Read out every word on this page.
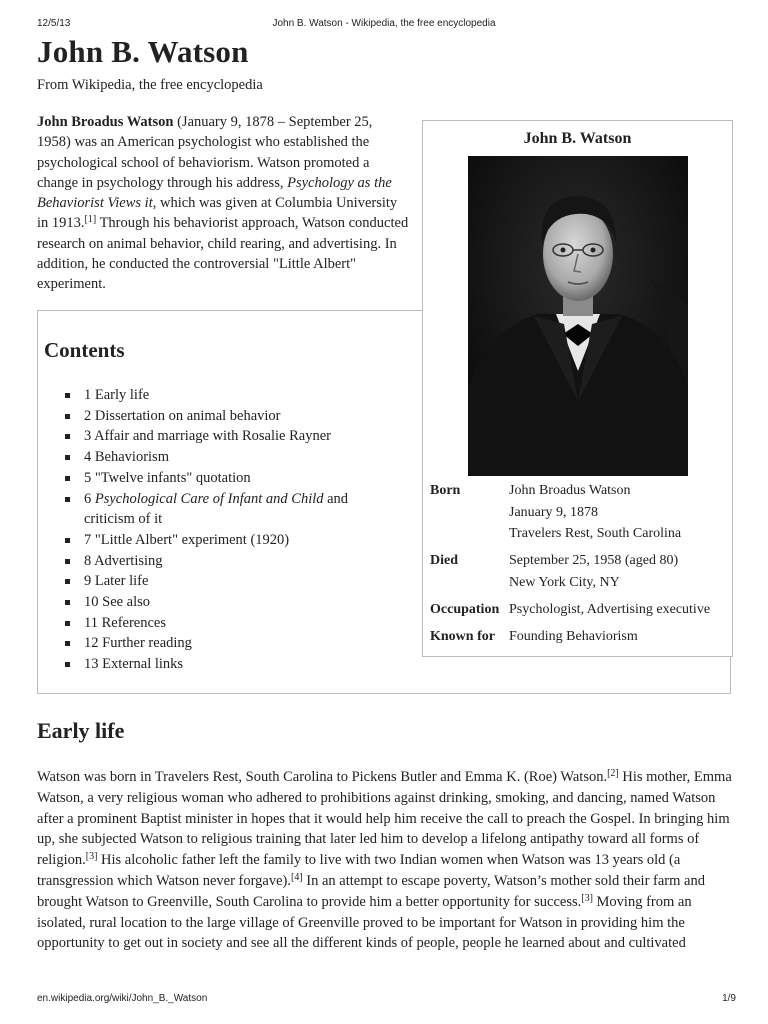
12/5/13	John B. Watson - Wikipedia, the free encyclopedia
John B. Watson
From Wikipedia, the free encyclopedia

John Broadus Watson (January 9, 1878 – September 25, 1958) was an American psychologist who established the psychological school of behaviorism. Watson promoted a change in psychology through his address, Psychology as the Behaviorist Views it, which was given at Columbia University in 1913.[1] Through his behaviorist approach, Watson conducted research on animal behavior, child rearing, and advertising. In addition, he conducted the controversial "Little Albert" experiment.

Contents
1 Early life
2 Dissertation on animal behavior
3 Affair and marriage with Rosalie Rayner
4 Behaviorism
5 "Twelve infants" quotation
6 Psychological Care of Infant and Child and criticism of it
7 "Little Albert" experiment (1920)
8 Advertising
9 Later life
10 See also
11 References
12 Further reading
13 External links
John B. Watson
Born	John Broadus Watson
January 9, 1878
Travelers Rest, South Carolina
Died	September 25, 1958 (aged 80)
New York City, NY
Occupation Psychologist, Advertising executive
Known for Founding Behaviorism
Early life

Watson was born in Travelers Rest, South Carolina to Pickens Butler and Emma K. (Roe) Watson.[2] His mother, Emma Watson, a very religious woman who adhered to prohibitions against drinking, smoking, and dancing, named Watson after a prominent Baptist minister in hopes that it would help him receive the call to preach the Gospel. In bringing him up, she subjected Watson to religious training that later led him to develop a lifelong antipathy toward all forms of religion.[3] His alcoholic father left the family to live with two Indian women when Watson was 13 years old (a transgression which Watson never forgave).[4] In an attempt to escape poverty, Watson’s mother sold their farm and brought Watson to Greenville, South Carolina to provide him a better opportunity for success.[3] Moving from an isolated, rural location to the large village of Greenville proved to be important for Watson in providing him the opportunity to get out in society and see all the different kinds of people, people he learned about and cultivated

en.wikipedia.org/wiki/John_B._Watson	1/9
